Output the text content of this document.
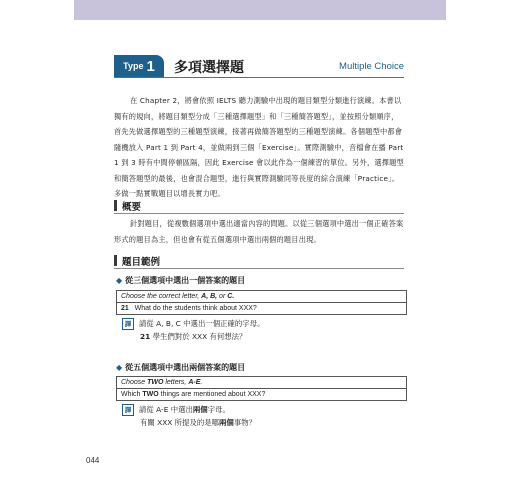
Type 1 多項選擇題	Multiple Choice
在 Chapter 2，將會依照 IELTS 聽力測驗中出現的題目類型分類進行演練。本書以獨有的規向，將題目類型分成「三種選擇題型」和「三種簡答題型」，並按照分類順序，首先先做選擇題型的三種題型演練，接著再做簡答題型的三種題型演練。各個題型中都會隨機放入 Part 1 到 Part 4，並做兩到三個「Exercise」。實際測驗中，音檔會在播 Part 1 到 3 時有中間停頓區隔，因此 Exercise 會以此作為一個練習的單位。另外，選擇題型和簡答題型的最後，也會混合題型，進行與實際測驗同等長度的綜合演練「Practice」。多做一點實戰題目以增長實力吧。
概要
針對題目，從複數個選項中選出適當內容的問題。以從三個選項中選出一個正確答案形式的題目為主，但也會有從五個選項中選出兩個的題目出現。
題目範例
◆ 從三個選項中選出一個答案的題目
Choose the correct letter, A, B, or C.
21 What do the students think about XXX?
譯 請從 A, B, C 中選出一個正確的字母。
21 學生們對於 XXX 有何想法？
◆ 從五個選項中選出兩個答案的題目
Choose TWO letters, A-E.
Which TWO things are mentioned about XXX?
譯 請從 A-E 中選出兩個字母。
有關 XXX 所提及的是哪兩個事物？
044
